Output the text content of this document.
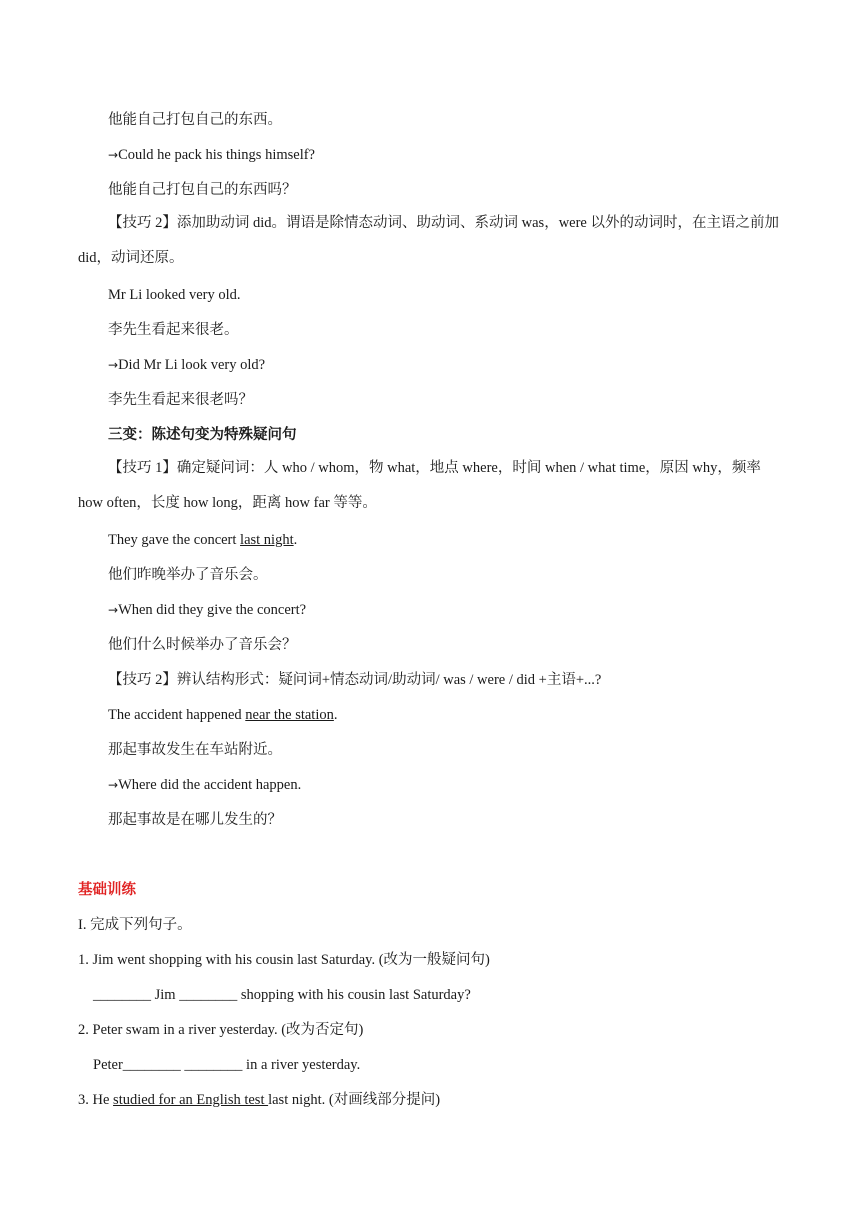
他能自己打包自己的东西。
→Could he pack his things himself?
他能自己打包自己的东西吗？
【技巧 2】添加助动词 did。谓语是除情态动词、助动词、系动词 was，were 以外的动词时，在主语之前加 did，动词还原。
Mr Li looked very old.
李先生看起来很老。
→Did Mr Li look very old?
李先生看起来很老吗？
三变：陈述句变为特殊疑问句
【技巧 1】确定疑问词：人 who / whom，物 what，地点 where，时间 when / what time，原因 why，频率 how often，长度 how long，距离 how far 等等。
They gave the concert last night.
他们昨晚举办了音乐会。
→When did they give the concert?
他们什么时候举办了音乐会？
【技巧 2】辨认结构形式：疑问词+情态动词/助动词/ was / were / did +主语+...?
The accident happened near the station.
那起事故发生在车站附近。
→Where did the accident happen.
那起事故是在哪儿发生的？
基础训练
I. 完成下列句子。
1. Jim went shopping with his cousin last Saturday. (改为一般疑问句)
________ Jim ________ shopping with his cousin last Saturday?
2. Peter swam in a river yesterday. (改为否定句)
Peter________ ________ in a river yesterday.
3. He studied for an English test last night. (对画线部分提问)
